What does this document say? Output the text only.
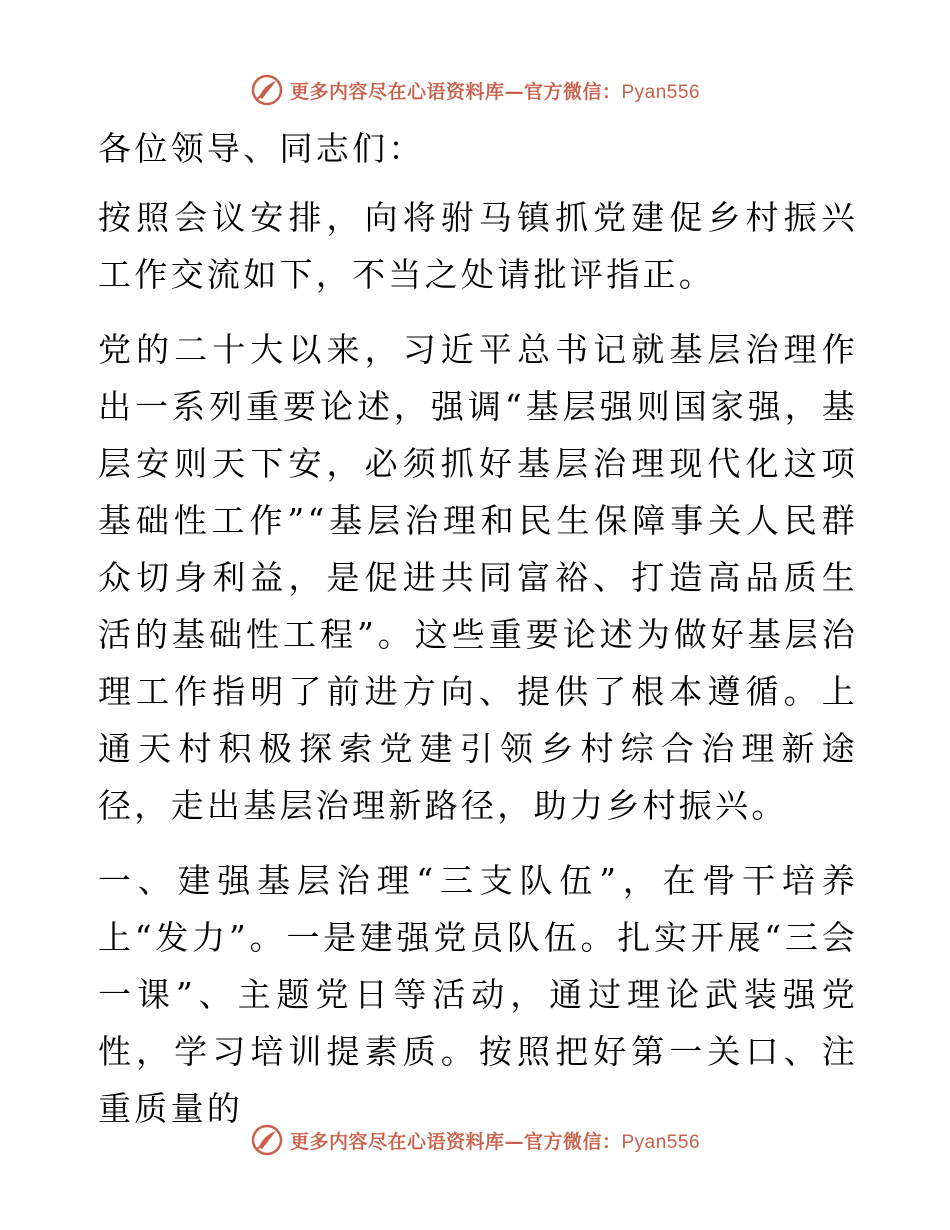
更多内容尽在心语资料库—官方微信：Pyan556

各位领导、同志们：

按照会议安排，向将驸马镇抓党建促乡村振兴工作交流如下，不当之处请批评指正。

党的二十大以来，习近平总书记就基层治理作出一系列重要论述，强调“基层强则国家强，基层安则天下安，必须抓好基层治理现代化这项基础性工作”“基层治理和民生保障事关人民群众切身利益，是促进共同富裕、打造高品质生活的基础性工程”。这些重要论述为做好基层治理工作指明了前进方向、提供了根本遵循。上通天村积极探索党建引领乡村综合治理新途径，走出基层治理新路径，助力乡村振兴。

一、建强基层治理“三支队伍”，在骨干培养上“发力”。一是建强党员队伍。扎实开展“三会一课”、主题党日等活动，通过理论武装强党性，学习培训提素质。按照把好第一关口、注重质量的

更多内容尽在心语资料库—官方微信：Pyan556
